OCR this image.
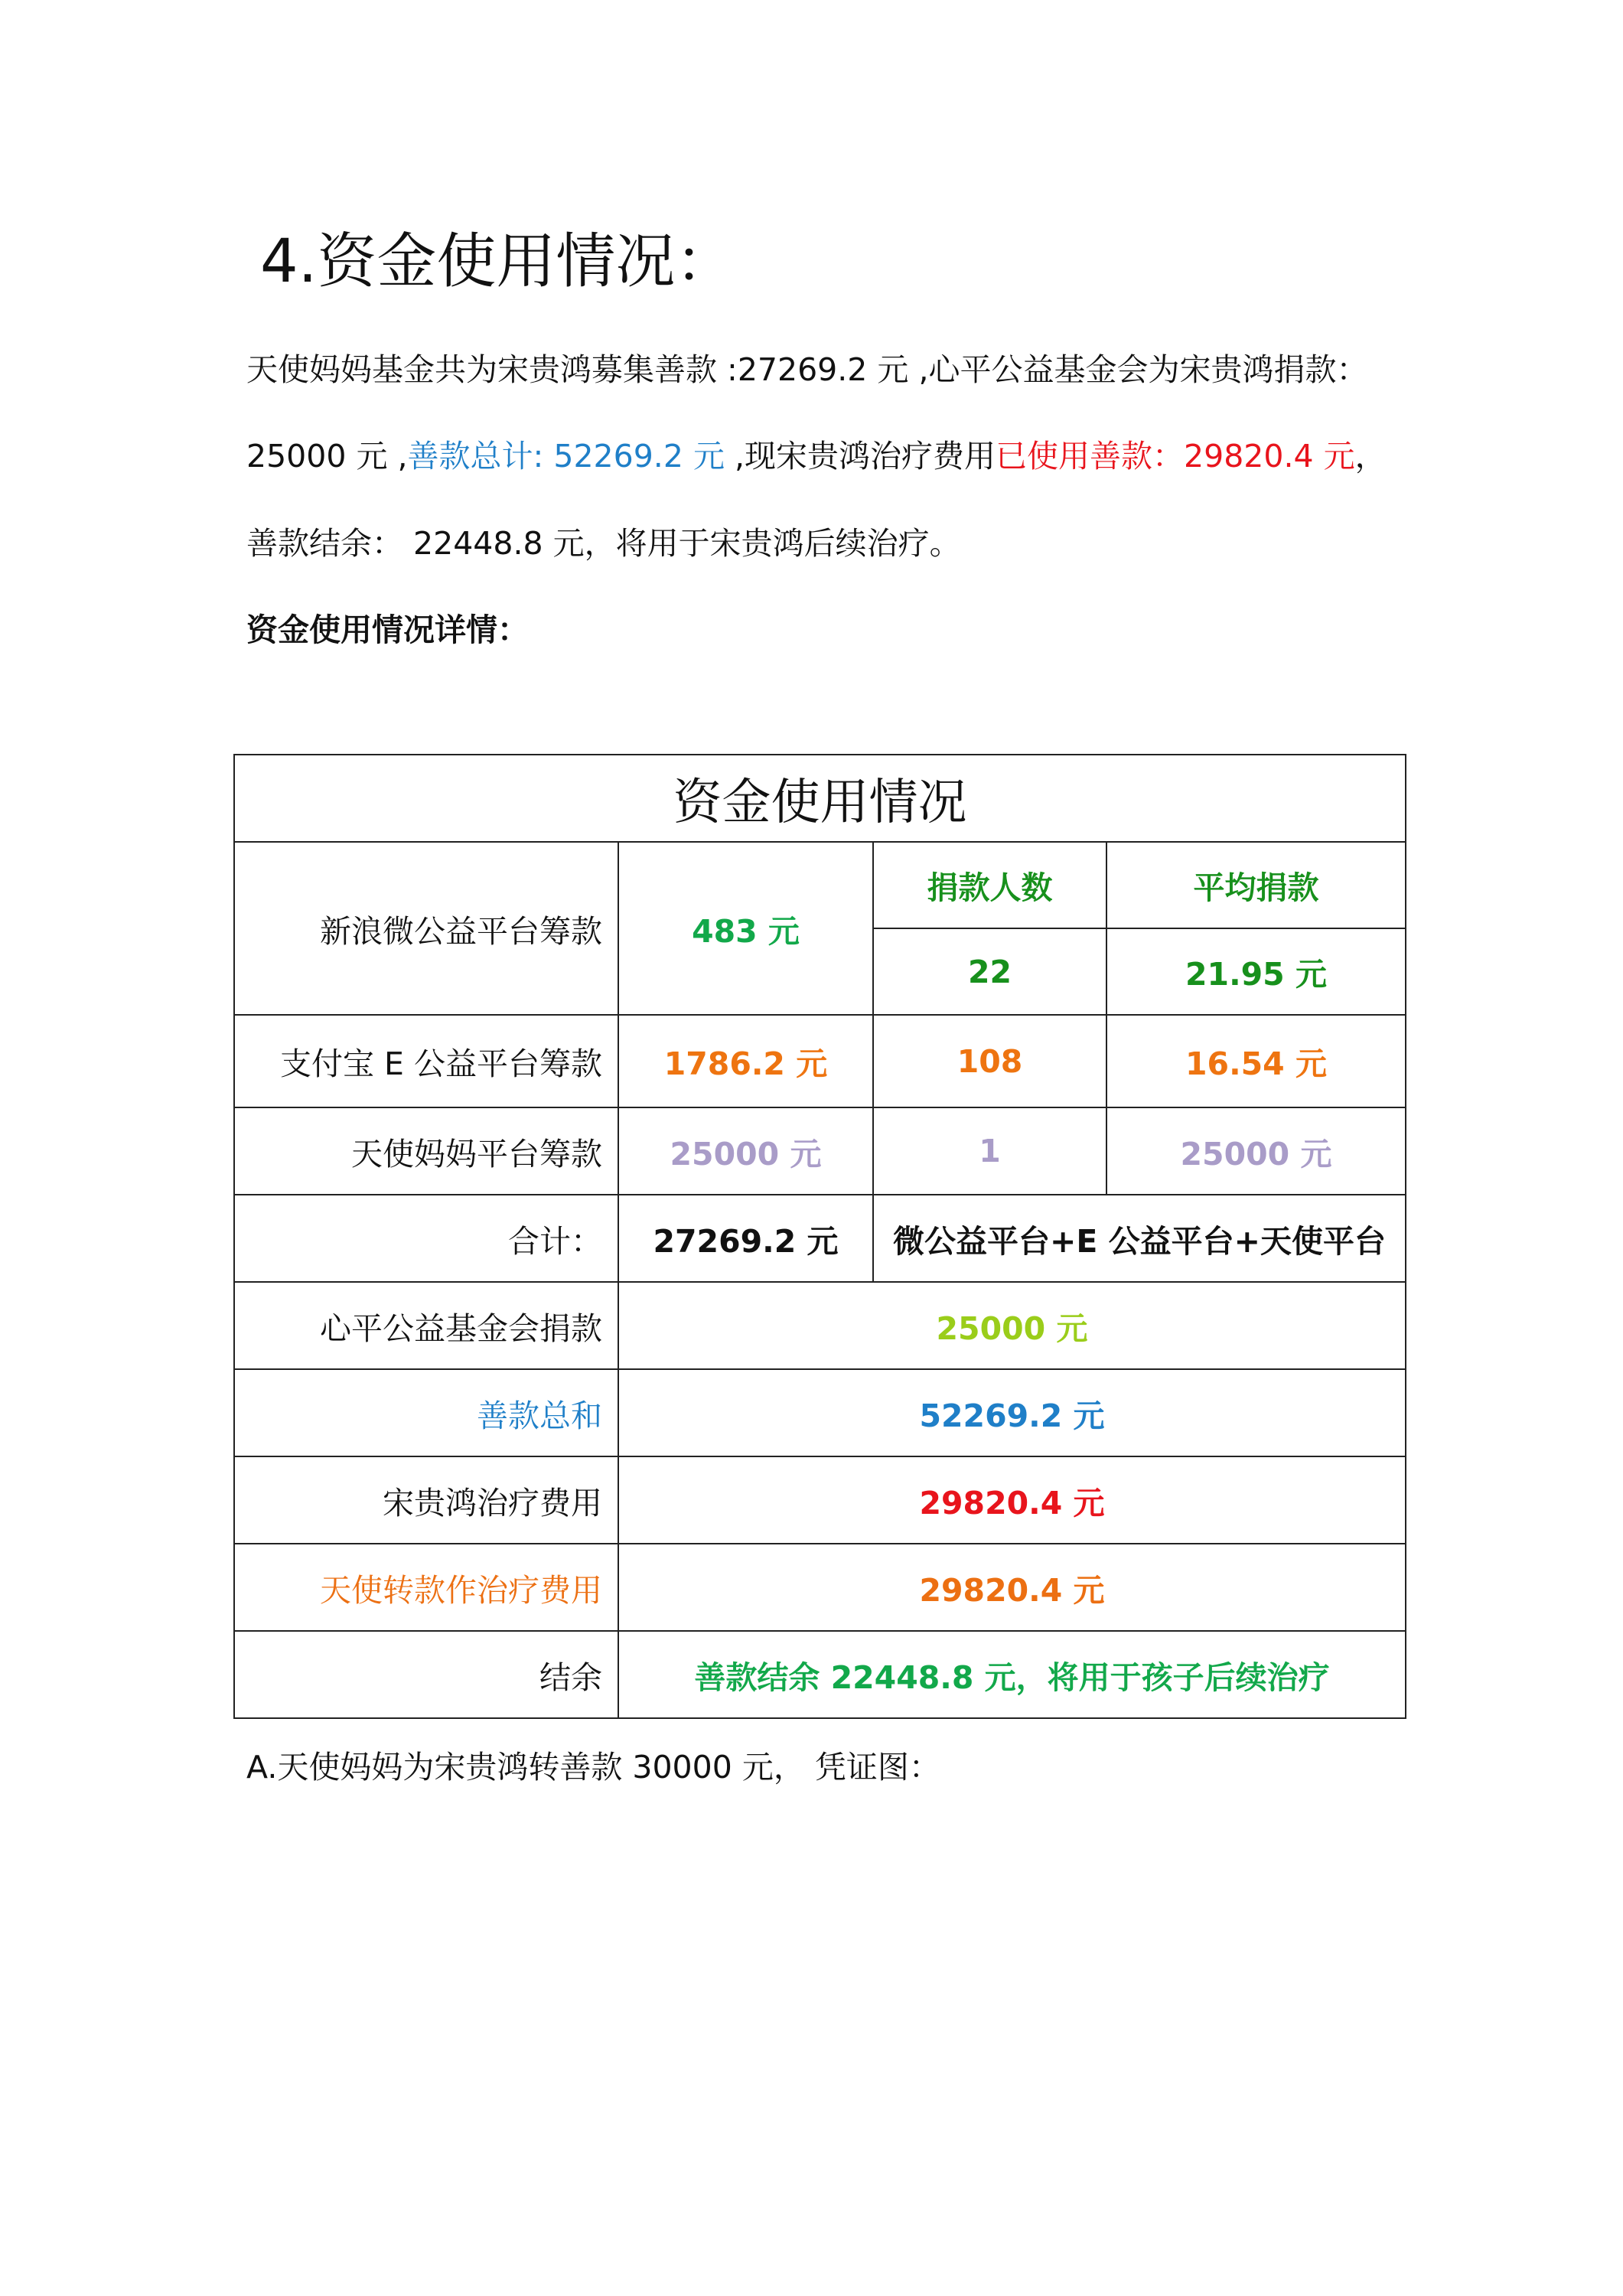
4.资金使用情况：
天使妈妈基金共为宋贵鸿募集善款 :27269.2 元 ,心平公益基金会为宋贵鸿捐款：
25000 元 ,善款总计: 52269.2 元 ,现宋贵鸿治疗费用已使用善款：29820.4 元，
善款结余： 22448.8 元，将用于宋贵鸿后续治疗。
资金使用情况详情：
资金使用情况			
新浪微公益平台筹款	483 元	捐款人数	平均捐款
		22	21.95 元
支付宝 E 公益平台筹款	1786.2 元	108	16.54 元
天使妈妈平台筹款	25000 元	1	25000 元
合计：	27269.2 元	微公益平台+E 公益平台+天使平台	
心平公益基金会捐款	25000 元		
善款总和	52269.2 元		
宋贵鸿治疗费用	29820.4 元		
天使转款作治疗费用	29820.4 元		
结余	善款结余 22448.8 元，将用于孩子后续治疗		
A.天使妈妈为宋贵鸿转善款 30000 元， 凭证图：
